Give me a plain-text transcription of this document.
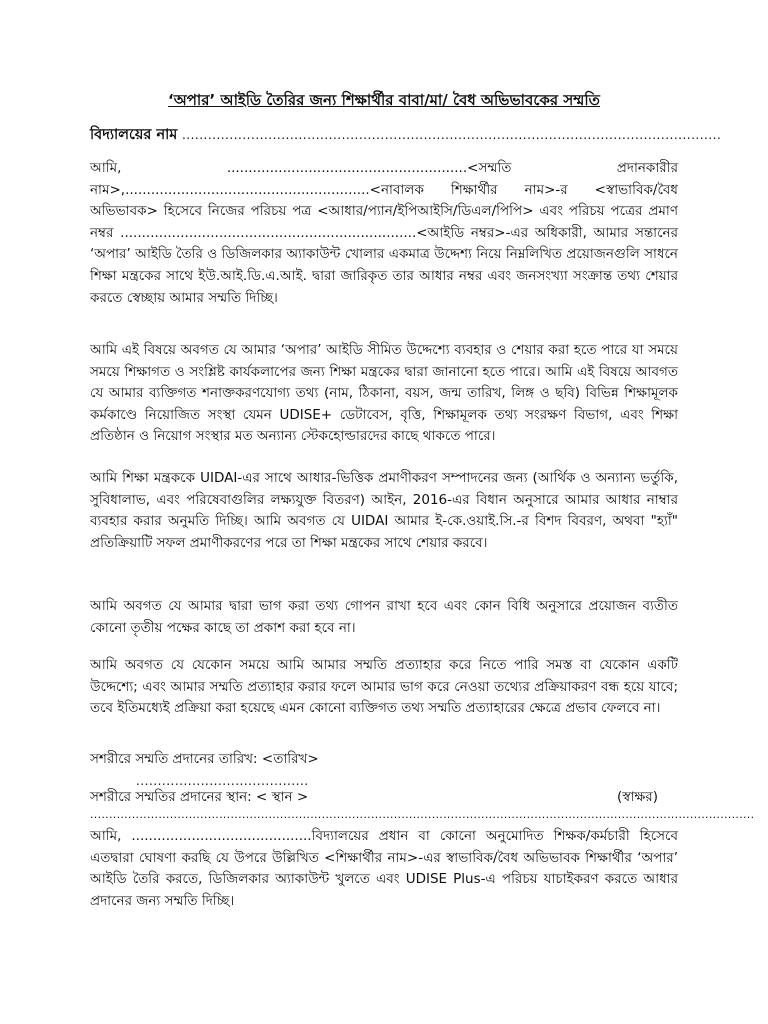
‘অপার’ আইডি তৈরির জন্য শিক্ষার্থীর বাবা/মা/ বৈধ অভিভাবকের সম্মতি
বিদ্যালয়ের নাম .............................................................................................................................

আমি, ........................................................<সম্মতি প্রদানকারীর নাম>,.........................................................<নাবালক শিক্ষার্থীর নাম>-র <স্বাভাবিক/বৈধ অভিভাবক> হিসেবে নিজের পরিচয় পত্র <আধার/প্যান/ইপিআইসি/ডিএল/পিপি> এবং পরিচয় পত্রের প্রমাণ নম্বর .....................................................................<আইডি নম্বর>-এর অধিকারী, আমার সন্তানের ‘অপার’ আইডি তৈরি ও ডিজিলকার অ্যাকাউন্ট খোলার একমাত্র উদ্দেশ্য নিয়ে নিম্নলিখিত প্রয়োজনগুলি সাধনে শিক্ষা মন্ত্রকের সাথে ইউ.আই.ডি.এ.আই. দ্বারা জারিকৃত তার আধার নম্বর এবং জনসংখ্যা সংক্রান্ত তথ্য শেয়ার করতে স্বেচ্ছায় আমার সম্মতি দিচ্ছি।

আমি এই বিষয়ে অবগত যে আমার ‘অপার’ আইডি সীমিত উদ্দেশ্যে ব্যবহার ও শেয়ার করা হতে পারে যা সময়ে সময়ে শিক্ষাগত ও সংশ্লিষ্ট কার্যকলাপের জন্য শিক্ষা মন্ত্রকের দ্বারা জানানো হতে পারে। আমি এই বিষয়ে আবগত যে আমার ব্যক্তিগত শনাক্তকরণযোগ্য তথ্য (নাম, ঠিকানা, বয়স, জন্ম তারিখ, লিঙ্গ ও ছবি) বিভিন্ন শিক্ষামূলক কর্মকাণ্ডে নিয়োজিত সংস্থা যেমন UDISE+ ডেটাবেস, বৃত্তি, শিক্ষামূলক তথ্য সংরক্ষণ বিভাগ, এবং শিক্ষা প্রতিষ্ঠান ও নিয়োগ সংস্থার মত অন্যান্য স্টেকহোল্ডারদের কাছে থাকতে পারে।

আমি শিক্ষা মন্ত্রককে UIDAI-এর সাথে আধার-ভিত্তিক প্রমাণীকরণ সম্পাদনের জন্য (আর্থিক ও অন্যান্য ভর্তুকি, সুবিধালাভ, এবং পরিষেবাগুলির লক্ষ্যযুক্ত বিতরণ) আইন, 2016-এর বিধান অনুসারে আমার আধার নাম্বার ব্যবহার করার অনুমতি দিচ্ছি। আমি অবগত যে UIDAI আমার ই-কে.ওয়াই.সি.-র বিশদ বিবরণ, অথবা "হ্যাঁ" প্রতিক্রিয়াটি সফল প্রমাণীকরণের পরে তা শিক্ষা মন্ত্রকের সাথে শেয়ার করবে।

আমি অবগত যে আমার দ্বারা ভাগ করা তথ্য গোপন রাখা হবে এবং কোন বিধি অনুসারে প্রয়োজন ব্যতীত কোনো তৃতীয় পক্ষের কাছে তা প্রকাশ করা হবে না।

আমি অবগত যে যেকোন সময়ে আমি আমার সম্মতি প্রত্যাহার করে নিতে পারি সমস্ত বা যেকোন একটি উদ্দেশ্যে; এবং আমার সম্মতি প্রত্যাহার করার ফলে আমার ভাগ করে নেওয়া তথ্যের প্রক্রিয়াকরণ বন্ধ হয়ে যাবে; তবে ইতিমধ্যেই প্রক্রিয়া করা হয়েছে এমন কোনো ব্যক্তিগত তথ্য সম্মতি প্রত্যাহারের ক্ষেত্রে প্রভাব ফেলবে না।

সশরীরে সম্মতি প্রদানের তারিখ: <তারিখ>

........................................

সশরীরে সম্মতির প্রদানের স্থান: < স্থান >	(স্বাক্ষর)
...............................................................................................................................................................................

আমি, ..........................................বিদ্যালয়ের প্রধান বা কোনো অনুমোদিত শিক্ষক/কর্মচারী হিসেবে এতদ্বারা ঘোষণা করছি যে উপরে উল্লিখিত <শিক্ষার্থীর নাম>-এর স্বাভাবিক/বৈধ অভিভাবক শিক্ষার্থীর ‘অপার’ আইডি তৈরি করতে, ডিজিলকার অ্যাকাউন্ট খুলতে এবং UDISE Plus-এ পরিচয় যাচাইকরণ করতে আধার প্রদানের জন্য সম্মতি দিচ্ছি।
